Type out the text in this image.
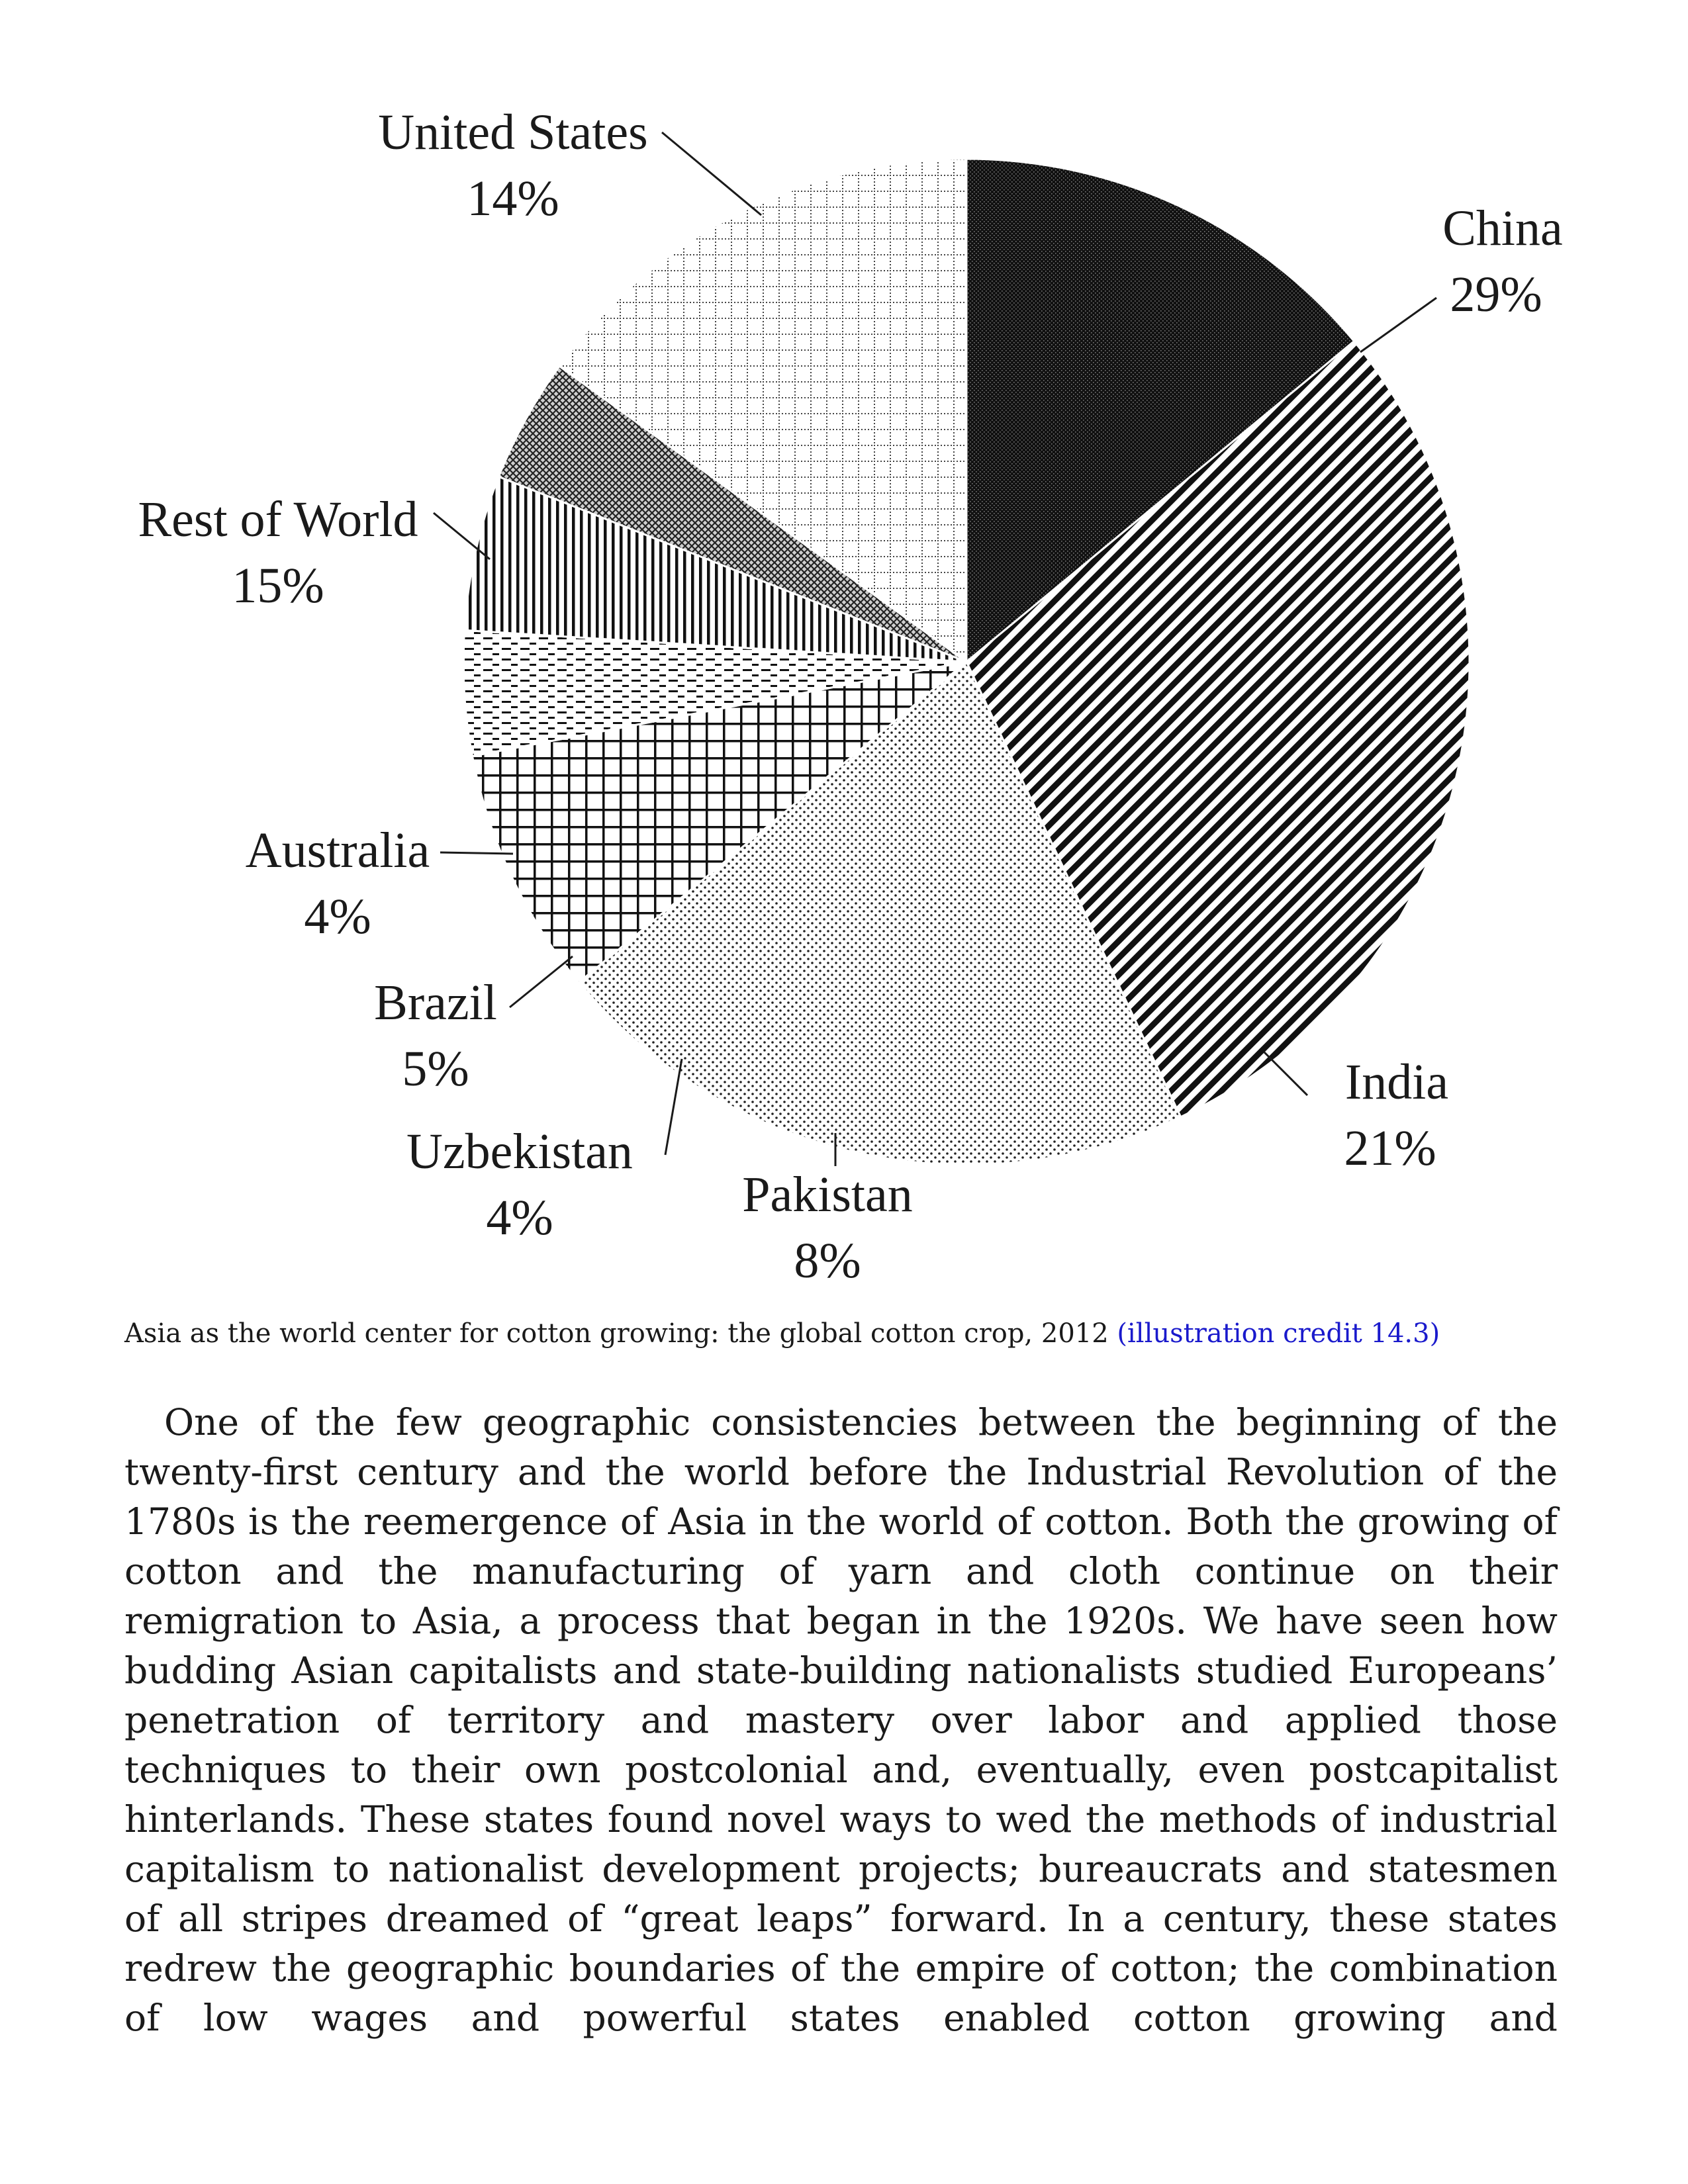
United States
14%
China
29%
India
21%
Pakistan
8%
Uzbekistan
4%
Brazil
5%
Australia
4%
Rest of World
15%
Asia as the world center for cotton growing: the global cotton crop, 2012 (illustration credit 14.3)
One of the few geographic consistencies between the beginning of the
twenty-first century and the world before the Industrial Revolution of the
1780s is the reemergence of Asia in the world of cotton. Both the growing of
cotton and the manufacturing of yarn and cloth continue on their
remigration to Asia, a process that began in the 1920s. We have seen how
budding Asian capitalists and state-building nationalists studied Europeans’
penetration of territory and mastery over labor and applied those
techniques to their own postcolonial and, eventually, even postcapitalist
hinterlands. These states found novel ways to wed the methods of industrial
capitalism to nationalist development projects; bureaucrats and statesmen
of all stripes dreamed of “great leaps” forward. In a century, these states
redrew the geographic boundaries of the empire of cotton; the combination
of low wages and powerful states enabled cotton growing and
